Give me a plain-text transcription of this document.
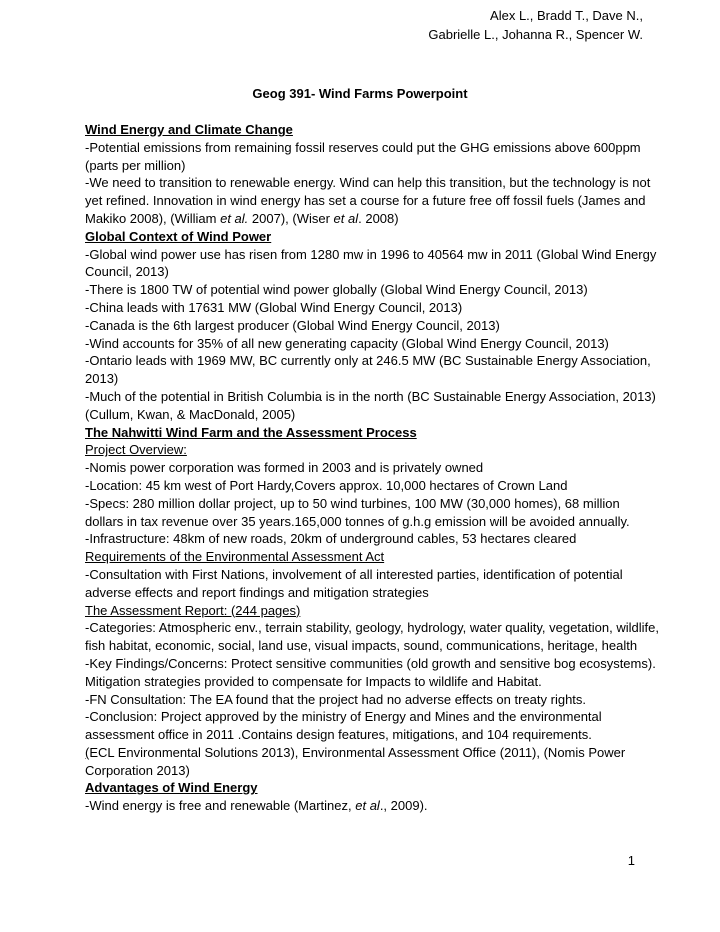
Alex L., Bradd T., Dave N.,
Gabrielle L., Johanna R., Spencer W.
Geog 391- Wind Farms Powerpoint

Wind Energy and Climate Change

-Potential emissions from remaining fossil reserves could put the GHG emissions above 600ppm (parts per million)

-We need to transition to renewable energy. Wind can help this transition, but the technology is not yet refined. Innovation in wind energy has set a course for a future free off fossil fuels (James and Makiko 2008), (William et al. 2007), (Wiser et al. 2008)

Global Context of Wind Power

-Global wind power use has risen from 1280 mw in 1996 to 40564 mw in 2011 (Global Wind Energy Council, 2013)

-There is 1800 TW of potential wind power globally (Global Wind Energy Council, 2013)

-China leads with 17631 MW (Global Wind Energy Council, 2013)

-Canada is the 6th largest producer (Global Wind Energy Council, 2013)

-Wind accounts for 35% of all new generating capacity (Global Wind Energy Council, 2013)

-Ontario leads with 1969 MW, BC currently only at 246.5 MW (BC Sustainable Energy Association, 2013)

-Much of the potential in British Columbia is in the north (BC Sustainable Energy Association, 2013) (Cullum, Kwan, & MacDonald, 2005)

The Nahwitti Wind Farm and the Assessment Process

Project Overview:

-Nomis power corporation was formed in 2003 and is privately owned

-Location: 45 km west of Port Hardy,Covers approx. 10,000 hectares of Crown Land

-Specs: 280 million dollar project, up to 50 wind turbines, 100 MW (30,000 homes), 68 million dollars in tax revenue over 35 years.165,000 tonnes of g.h.g emission will be avoided annually.

-Infrastructure: 48km of new roads, 20km of underground cables, 53 hectares cleared

Requirements of the Environmental Assessment Act

-Consultation with First Nations, involvement of all interested parties, identification of potential adverse effects and report findings and mitigation strategies

The Assessment Report: (244 pages)

-Categories: Atmospheric env., terrain stability, geology, hydrology, water quality, vegetation, wildlife, fish habitat, economic, social, land use, visual impacts, sound, communications, heritage, health

-Key Findings/Concerns: Protect sensitive communities (old growth and sensitive bog ecosystems). Mitigation strategies provided to compensate for Impacts to wildlife and Habitat.

-FN Consultation: The EA found that the project had no adverse effects on treaty rights.

-Conclusion: Project approved by the ministry of Energy and Mines and the environmental assessment office in 2011 .Contains design features, mitigations, and 104 requirements.

(ECL Environmental Solutions 2013), Environmental Assessment Office (2011), (Nomis Power Corporation 2013)

Advantages of Wind Energy

-Wind energy is free and renewable (Martinez, et al., 2009).

1
